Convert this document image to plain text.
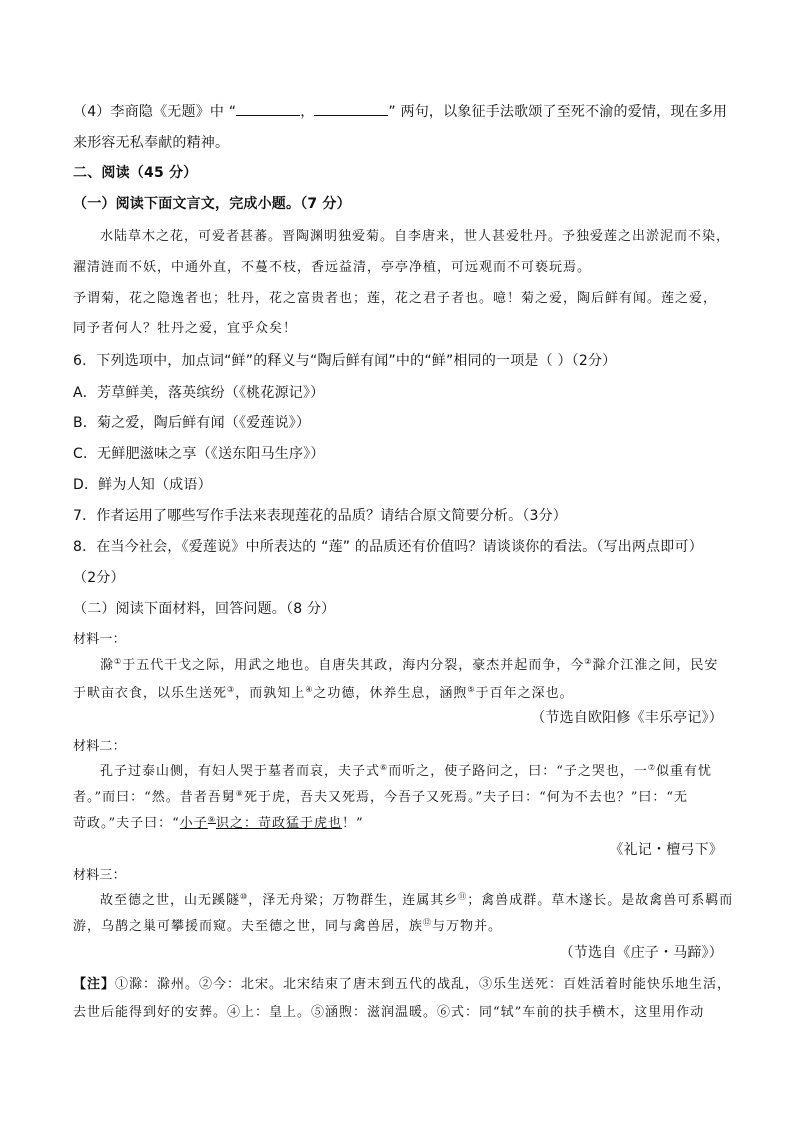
（4）李商隐《无题》中 “	，	” 两句，以象征手法歌颂了至死不渝的爱情，现在多用
来形容无私奉献的精神。
二、阅读（45 分）
（一）阅读下面文言文，完成小题。（7 分）
水陆草木之花，可爱者甚蕃。晋陶渊明独爱菊。自李唐来，世人甚爱牡丹。予独爱莲之出淤泥而不染，
濯清涟而不妖，中通外直，不蔓不枝，香远益清，亭亭净植，可远观而不可亵玩焉。
予谓菊，花之隐逸者也；牡丹，花之富贵者也；莲，花之君子者也。噫！菊之爱，陶后鲜有闻。莲之爱，
同予者何人？牡丹之爱，宜乎众矣！
6．下列选项中，加点词“鲜”的释义与“陶后鲜有闻”中的“鲜”相同的一项是（ ）（2分）
A．芳草鲜美，落英缤纷（《桃花源记》）
B．菊之爱，陶后鲜有闻（《爱莲说》）
C．无鲜肥滋味之享（《送东阳马生序》）
D．鲜为人知（成语）
7．作者运用了哪些写作手法来表现莲花的品质？请结合原文简要分析。（3分）
8．在当今社会，《爱莲说》中所表达的 “莲” 的品质还有价值吗？请谈谈你的看法。（写出两点即可）
（2分）
（二）阅读下面材料，回答问题。（8 分）
材料一：
滁①于五代干戈之际，用武之地也。自唐失其政，海内分裂，豪杰并起而争，今②滁介江淮之间，民安
于畎亩衣食，以乐生送死③，而孰知上④之功德，休养生息，涵煦⑤于百年之深也。
（节选自欧阳修《丰乐亭记》）
材料二：
孔子过泰山侧，有妇人哭于墓者而哀，夫子式⑥而听之，使子路问之，曰：“子之哭也，一⑦似重有忧
者。”而曰：“然。昔者吾舅⑧死于虎，吾夫又死焉，今吾子又死焉。”夫子曰：“何为不去也？”曰：“无
苛政。”夫子曰：“小子⑨识之：苛政猛于虎也！”
《礼记・檀弓下》
材料三：
故至德之世，山无蹊隧⑩，泽无舟梁；万物群生，连属其乡⑪；禽兽成群。草木遂长。是故禽兽可系羁而
游，乌鹊之巢可攀援而窥。夫至德之世，同与禽兽居，族⑫与万物并。
（节选自《庄子・马蹄》）
【注】①滁：滁州。②今：北宋。北宋结束了唐末到五代的战乱，③乐生送死：百姓活着时能快乐地生活，
去世后能得到好的安葬。④上：皇上。⑤涵煦：滋润温暖。⑥式：同“轼”车前的扶手横木，这里用作动
